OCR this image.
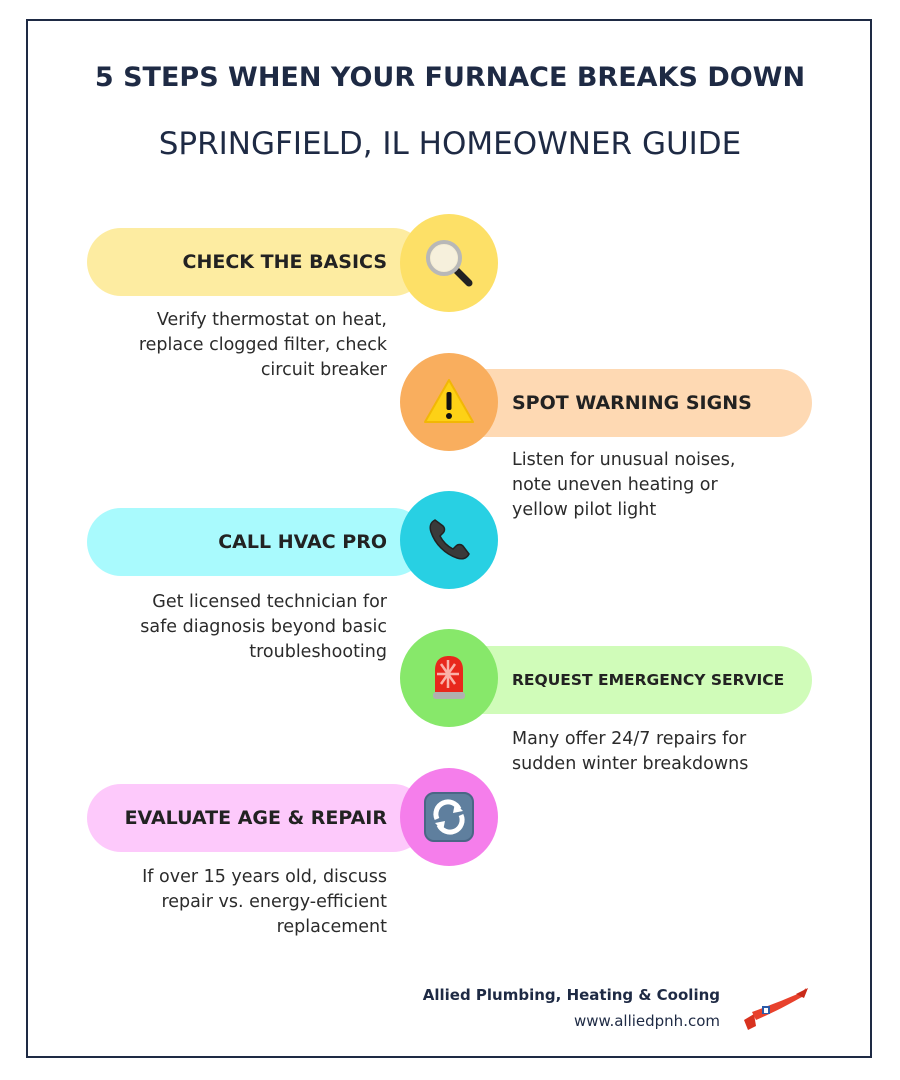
5 STEPS WHEN YOUR FURNACE BREAKS DOWN
SPRINGFIELD, IL HOMEOWNER GUIDE
CHECK THE BASICS
Verify thermostat on heat,
replace clogged filter, check
circuit breaker
SPOT WARNING SIGNS
Listen for unusual noises,
note uneven heating or
yellow pilot light
CALL HVAC PRO
Get licensed technician for
safe diagnosis beyond basic
troubleshooting
REQUEST EMERGENCY SERVICE
Many offer 24/7 repairs for
sudden winter breakdowns
EVALUATE AGE & REPAIR
If over 15 years old, discuss
repair vs. energy-efficient
replacement
Allied Plumbing, Heating & Cooling
www.alliedpnh.com
